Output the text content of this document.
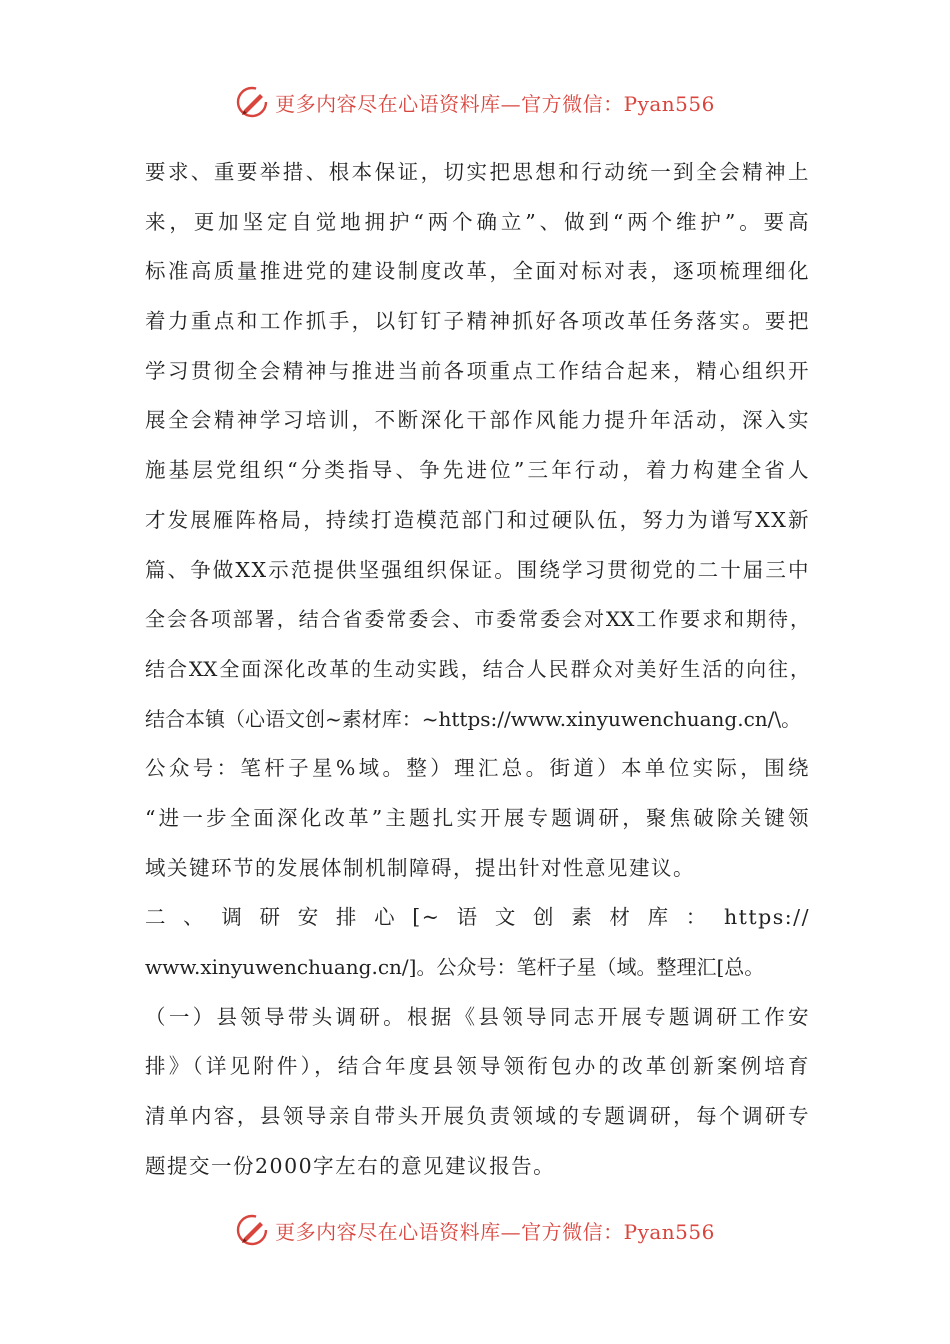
更多内容尽在心语资料库—官方微信：Pyan556
要求、重要举措、根本保证，切实把思想和行动统一到全会精神上
来，更加坚定自觉地拥护“两个确立”、做到“两个维护”。要高
标准高质量推进党的建设制度改革，全面对标对表，逐项梳理细化
着力重点和工作抓手，以钉钉子精神抓好各项改革任务落实。要把
学习贯彻全会精神与推进当前各项重点工作结合起来，精心组织开
展全会精神学习培训，不断深化干部作风能力提升年活动，深入实
施基层党组织“分类指导、争先进位”三年行动，着力构建全省人
才发展雁阵格局，持续打造模范部门和过硬队伍，努力为谱写XX新
篇、争做XX示范提供坚强组织保证。围绕学习贯彻党的二十届三中
全会各项部署，结合省委常委会、市委常委会对XX工作要求和期待，
结合XX全面深化改革的生动实践，结合人民群众对美好生活的向往，
结合本镇（心语文创~素材库：~https://www.xinyuwenchuang.cn/\。
公众号：笔杆子星%域。整）理汇总。街道）本单位实际，围绕
“进一步全面深化改革”主题扎实开展专题调研，聚焦破除关键领
域关键环节的发展体制机制障碍，提出针对性意见建议。
二、调研安排心[~语文创素材库：https://
www.xinyuwenchuang.cn/]。公众号：笔杆子星（域。整理汇[总。
（一）县领导带头调研。根据《县领导同志开展专题调研工作安
排》（详见附件），结合年度县领导领衔包办的改革创新案例培育
清单内容，县领导亲自带头开展负责领域的专题调研，每个调研专
题提交一份2000字左右的意见建议报告。
更多内容尽在心语资料库—官方微信：Pyan556
